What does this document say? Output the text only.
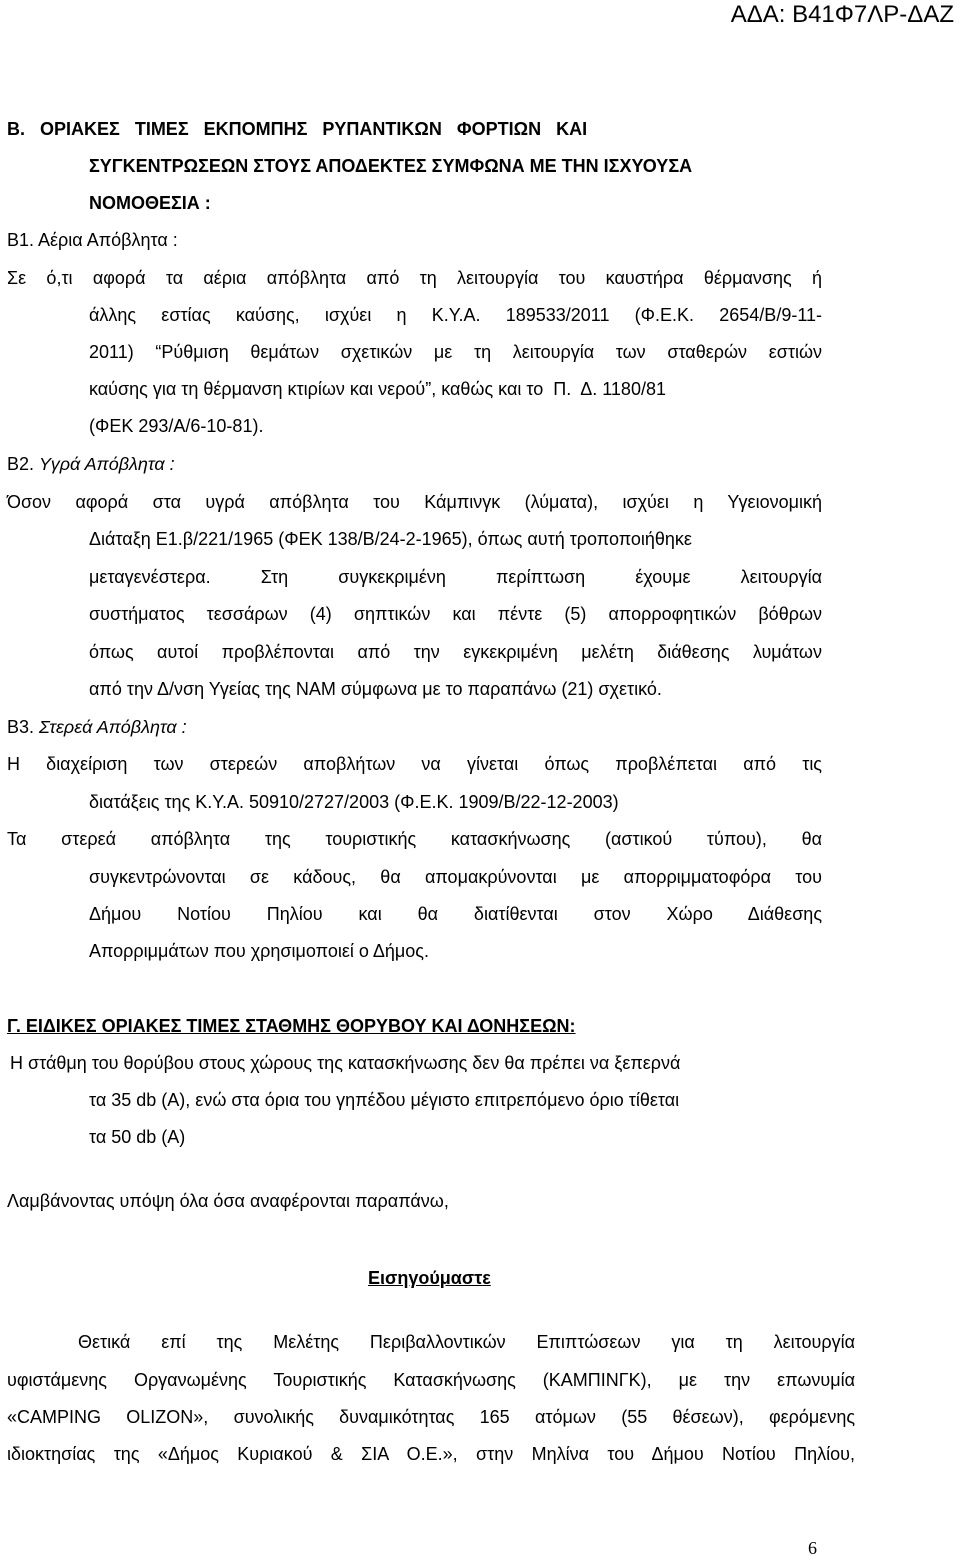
ΑΔΑ: Β41Φ7ΛΡ-ΔΑΖ
Β.   ΟΡΙΑΚΕΣ   ΤΙΜΕΣ   ΕΚΠΟΜΠΗΣ   ΡΥΠΑΝΤΙΚΩΝ   ΦΟΡΤΙΩΝ   ΚΑΙ
ΣΥΓΚΕΝΤΡΩΣΕΩΝ ΣΤΟΥΣ ΑΠΟΔΕΚΤΕΣ ΣΥΜΦΩΝΑ ΜΕ ΤΗΝ ΙΣΧΥΟΥΣΑ
ΝΟΜΟΘΕΣΙΑ :
Β1. Αέρια Απόβλητα :
Σε ό,τι αφορά τα αέρια απόβλητα από τη λειτουργία του καυστήρα θέρμανσης ή
άλλης εστίας καύσης, ισχύει η Κ.Υ.Α. 189533/2011 (Φ.Ε.Κ. 2654/Β/9-11-
2011) “Ρύθμιση θεμάτων σχετικών με τη λειτουργία των σταθερών εστιών
καύσης για τη θέρμανση κτιρίων και νερού”, καθώς και το  Π.  Δ. 1180/81
(ΦΕΚ 293/Α/6-10-81).
Β2. Υγρά Απόβλητα :
Όσον αφορά στα υγρά απόβλητα του Κάμπινγκ (λύματα), ισχύει η Υγειονομική
Διάταξη Ε1.β/221/1965 (ΦΕΚ 138/Β/24-2-1965), όπως αυτή τροποποιήθηκε
μεταγενέστερα. Στη συγκεκριμένη περίπτωση έχουμε λειτουργία
συστήματος τεσσάρων (4) σηπτικών και πέντε (5) απορροφητικών βόθρων
όπως αυτοί προβλέπονται από την εγκεκριμένη μελέτη διάθεσης λυμάτων
από την Δ/νση Υγείας της ΝΑΜ σύμφωνα με το παραπάνω (21) σχετικό.
Β3. Στερεά Απόβλητα :
Η διαχείριση των στερεών αποβλήτων να γίνεται όπως προβλέπεται από τις
διατάξεις της Κ.Υ.Α. 50910/2727/2003 (Φ.Ε.Κ. 1909/Β/22-12-2003)
Τα στερεά απόβλητα της τουριστικής κατασκήνωσης (αστικού τύπου), θα
συγκεντρώνονται σε κάδους, θα απομακρύνονται με απορριμματοφόρα του
Δήμου Νοτίου Πηλίου και θα διατίθενται στον Χώρο Διάθεσης
Απορριμμάτων που χρησιμοποιεί ο Δήμος.
Γ. ΕΙΔΙΚΕΣ ΟΡΙΑΚΕΣ ΤΙΜΕΣ ΣΤΑΘΜΗΣ ΘΟΡΥΒΟΥ ΚΑΙ ΔΟΝΗΣΕΩΝ:
Η στάθμη του θορύβου στους χώρους της κατασκήνωσης δεν θα πρέπει να ξεπερνά
τα 35 db (A), ενώ στα όρια του γηπέδου μέγιστο επιτρεπόμενο όριο τίθεται
τα 50 db (A)
Λαμβάνοντας υπόψη όλα όσα αναφέρονται παραπάνω,
Εισηγούμαστε
Θετικά επί της Μελέτης Περιβαλλοντικών Επιπτώσεων για τη λειτουργία
υφιστάμενης Οργανωμένης Τουριστικής Κατασκήνωσης (ΚΑΜΠΙΝΓΚ), με την επωνυμία
«CAMPING OLIZON», συνολικής δυναμικότητας 165 ατόμων (55 θέσεων), φερόμενης
ιδιοκτησίας της «Δήμος Κυριακού & ΣΙΑ Ο.Ε.», στην Μηλίνα του Δήμου Νοτίου Πηλίου,
6
